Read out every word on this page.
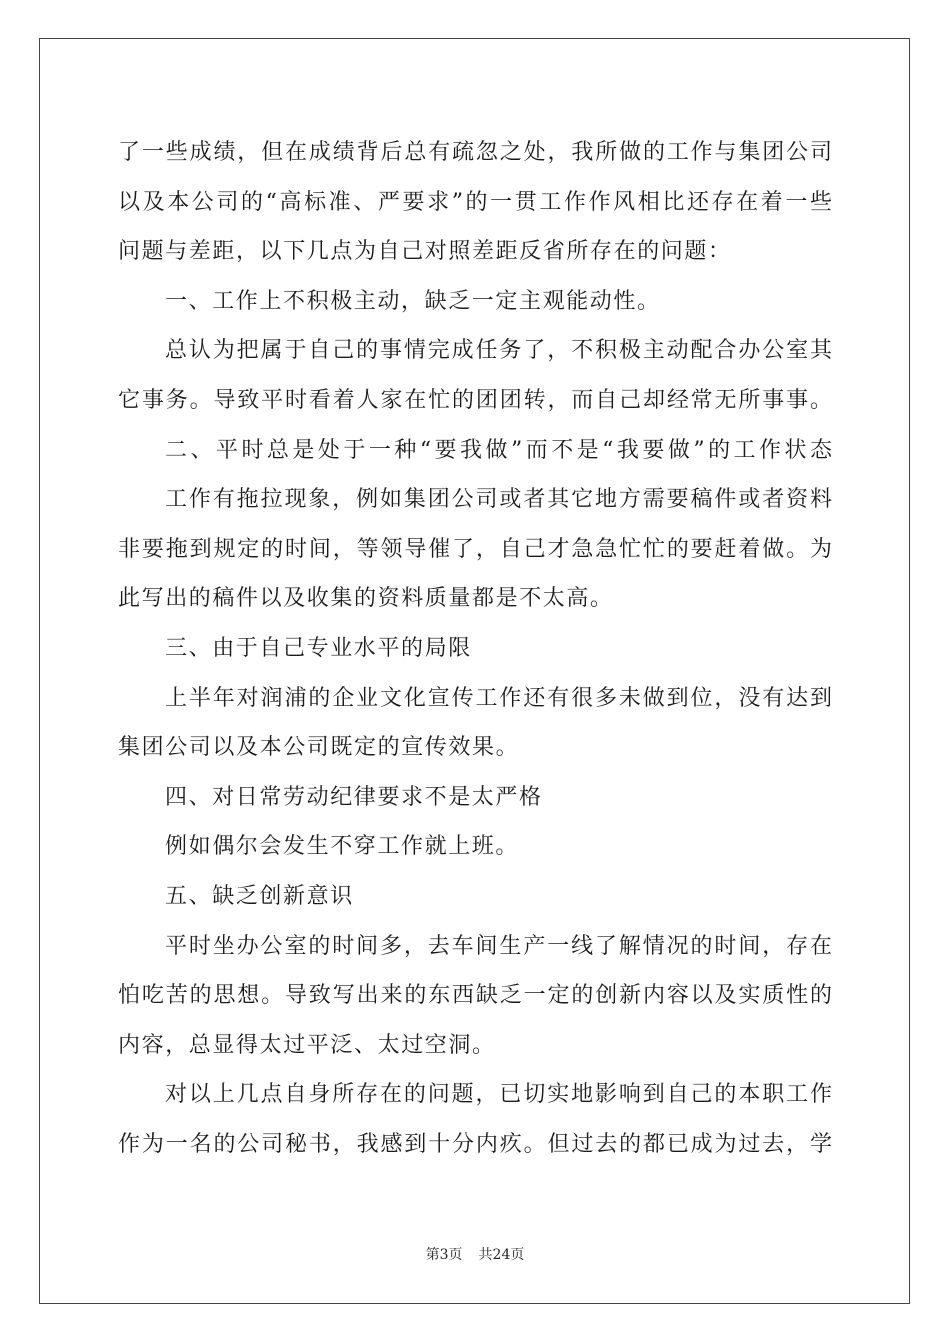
了一些成绩，但在成绩背后总有疏忽之处，我所做的工作与集团公司
以及本公司的“高标准、严要求”的一贯工作作风相比还存在着一些
问题与差距，以下几点为自己对照差距反省所存在的问题：
一、工作上不积极主动，缺乏一定主观能动性。
总认为把属于自己的事情完成任务了，不积极主动配合办公室其
它事务。导致平时看着人家在忙的团团转，而自己却经常无所事事。
二、平时总是处于一种“要我做”而不是“我要做”的工作状态
工作有拖拉现象，例如集团公司或者其它地方需要稿件或者资料
非要拖到规定的时间，等领导催了，自己才急急忙忙的要赶着做。为
此写出的稿件以及收集的资料质量都是不太高。
三、由于自己专业水平的局限
上半年对润浦的企业文化宣传工作还有很多未做到位，没有达到
集团公司以及本公司既定的宣传效果。
四、对日常劳动纪律要求不是太严格
例如偶尔会发生不穿工作就上班。
五、缺乏创新意识
平时坐办公室的时间多，去车间生产一线了解情况的时间，存在
怕吃苦的思想。导致写出来的东西缺乏一定的创新内容以及实质性的
内容，总显得太过平泛、太过空洞。
对以上几点自身所存在的问题，已切实地影响到自己的本职工作
作为一名的公司秘书，我感到十分内疚。但过去的都已成为过去，学
第3页 共24页
